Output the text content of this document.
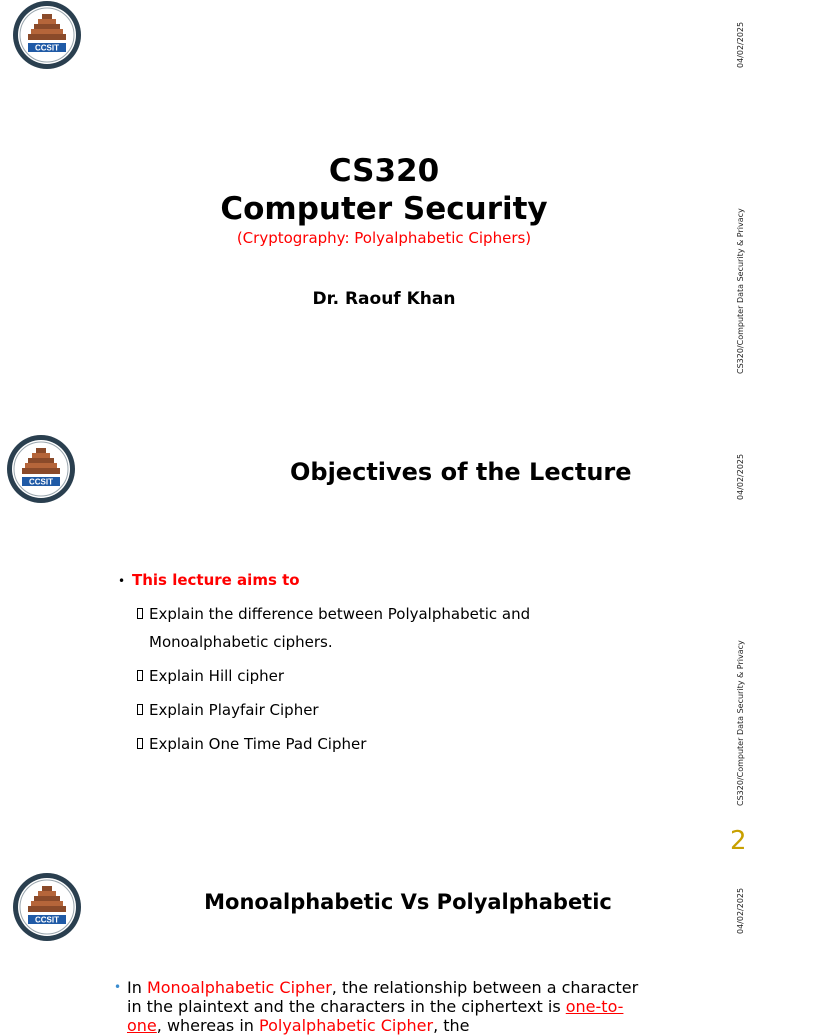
CCSIT	04/02/2025
CS320/Computer Data Security & Privacy
CS320
Computer Security
(Cryptography: Polyalphabetic Ciphers)
Dr. Raouf Khan
CCSIT	04/02/2025
CS320/Computer Data Security & Privacy
Objectives of the Lecture
• This lecture aims to
Explain the difference between Polyalphabetic and Monoalphabetic ciphers.
Explain Hill cipher
Explain Playfair Cipher
Explain One Time Pad Cipher
2
CCSIT	04/02/2025
Monoalphabetic Vs Polyalphabetic
• In Monoalphabetic Cipher, the relationship between a character in the plaintext and the characters in the ciphertext is one-to-one, whereas in Polyalphabetic Cipher, the
